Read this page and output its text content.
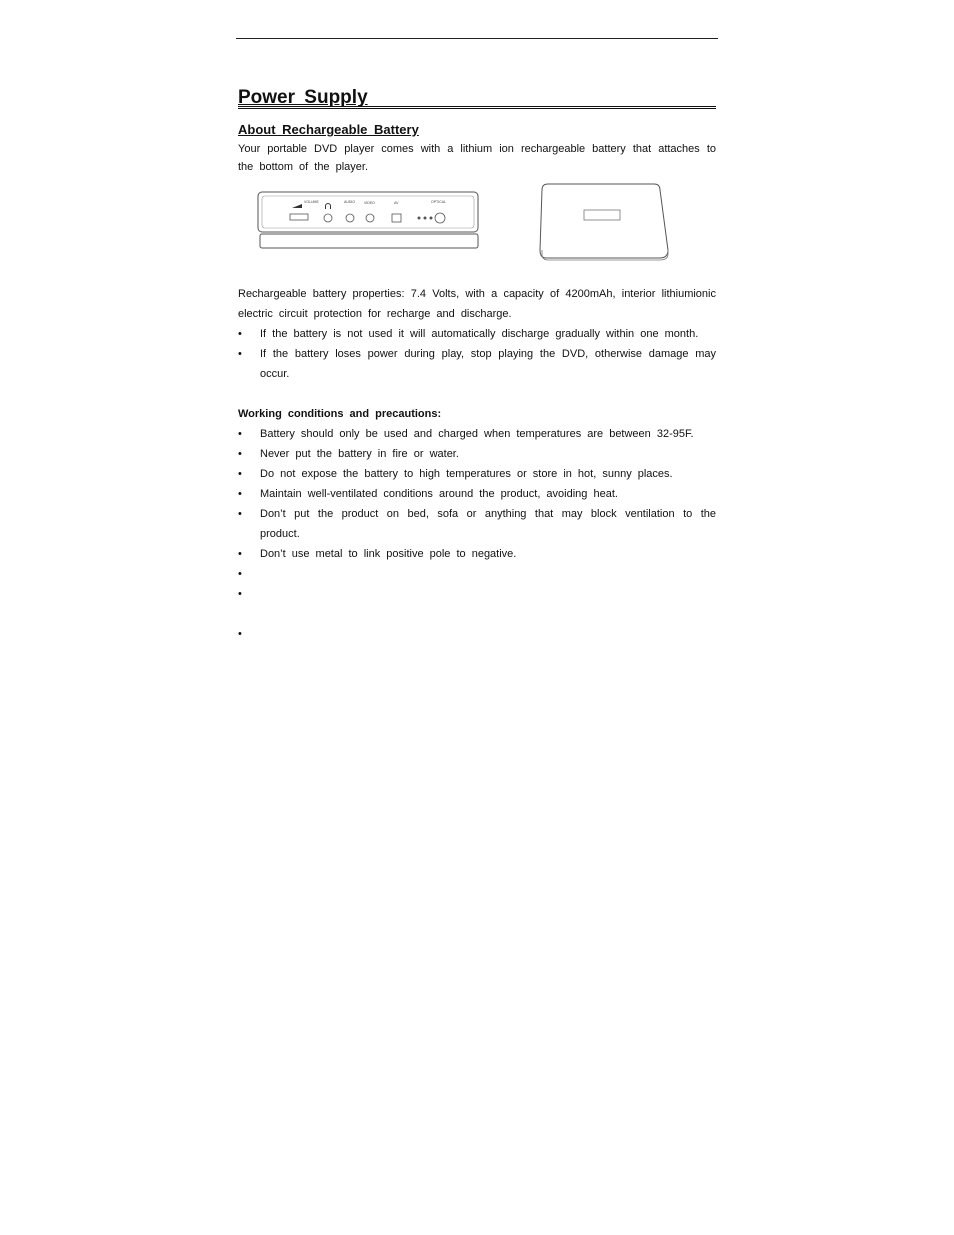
Power Supply
About Rechargeable Battery

Your portable DVD player comes with a lithium ion rechargeable battery that attaches to the bottom of the player.

VOLUME	AUDIO	VIDEO	AV	OPTICAL

Rechargeable battery properties: 7.4 Volts, with a capacity of 4200mAh, interior lithiumionic electric circuit protection for recharge and discharge.

• If the battery is not used it will automatically discharge gradually within one month.
• If the battery loses power during play, stop playing the DVD, otherwise damage may occur.
Working conditions and precautions:
• Battery should only be used and charged when temperatures are between 32-95F.
• Never put the battery in fire or water.
• Do not expose the battery to high temperatures or store in hot, sunny places.
• Maintain well-ventilated conditions around the product, avoiding heat.
• Don’t put the product on bed, sofa or anything that may block ventilation to the product.
• Don’t use metal to link positive pole to negative.
•
•
•
